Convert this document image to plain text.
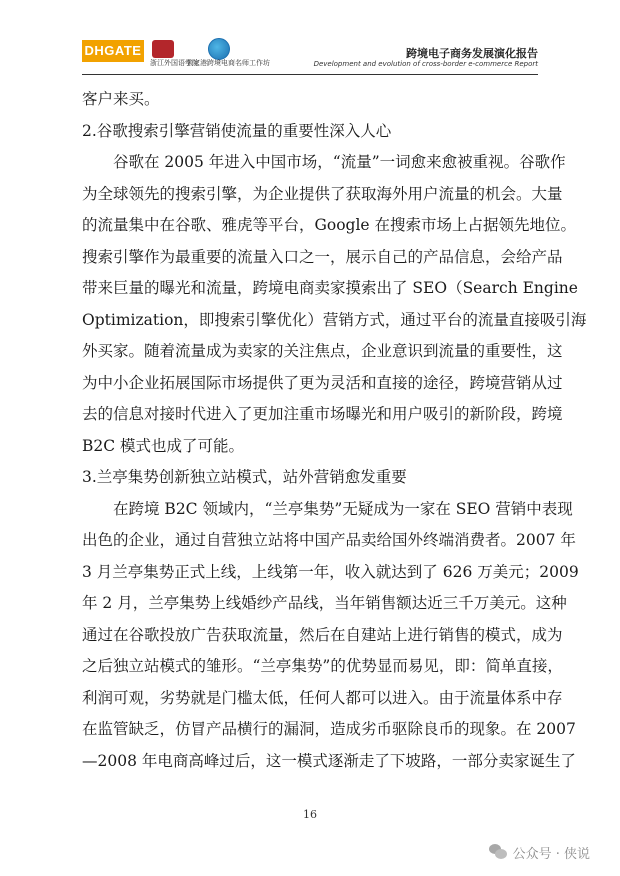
DHGATE
浙江外国语学院
张家港跨境电商名师工作坊
跨境电子商务发展演化报告
Development and evolution of cross-border e-commerce Report
客户来买。
2.谷歌搜索引擎营销使流量的重要性深入人心
谷歌在 2005 年进入中国市场，“流量”一词愈来愈被重视。谷歌作
为全球领先的搜索引擎，为企业提供了获取海外用户流量的机会。大量
的流量集中在谷歌、雅虎等平台，Google 在搜索市场上占据领先地位。
搜索引擎作为最重要的流量入口之一，展示自己的产品信息，会给产品
带来巨量的曝光和流量，跨境电商卖家摸索出了 SEO（Search Engine
Optimization，即搜索引擎优化）营销方式，通过平台的流量直接吸引海
外买家。随着流量成为卖家的关注焦点，企业意识到流量的重要性，这
为中小企业拓展国际市场提供了更为灵活和直接的途径，跨境营销从过
去的信息对接时代进入了更加注重市场曝光和用户吸引的新阶段，跨境
B2C 模式也成了可能。
3.兰亭集势创新独立站模式，站外营销愈发重要
在跨境 B2C 领域内，“兰亭集势”无疑成为一家在 SEO 营销中表现
出色的企业，通过自营独立站将中国产品卖给国外终端消费者。2007 年
3 月兰亭集势正式上线，上线第一年，收入就达到了 626 万美元；2009
年 2 月，兰亭集势上线婚纱产品线，当年销售额达近三千万美元。这种
通过在谷歌投放广告获取流量，然后在自建站上进行销售的模式，成为
之后独立站模式的雏形。“兰亭集势”的优势显而易见，即：简单直接，
利润可观，劣势就是门槛太低，任何人都可以进入。由于流量体系中存
在监管缺乏，仿冒产品横行的漏洞，造成劣币驱除良币的现象。在 2007
—2008 年电商高峰过后，这一模式逐渐走了下坡路，一部分卖家诞生了
16
公众号 · 侠说
